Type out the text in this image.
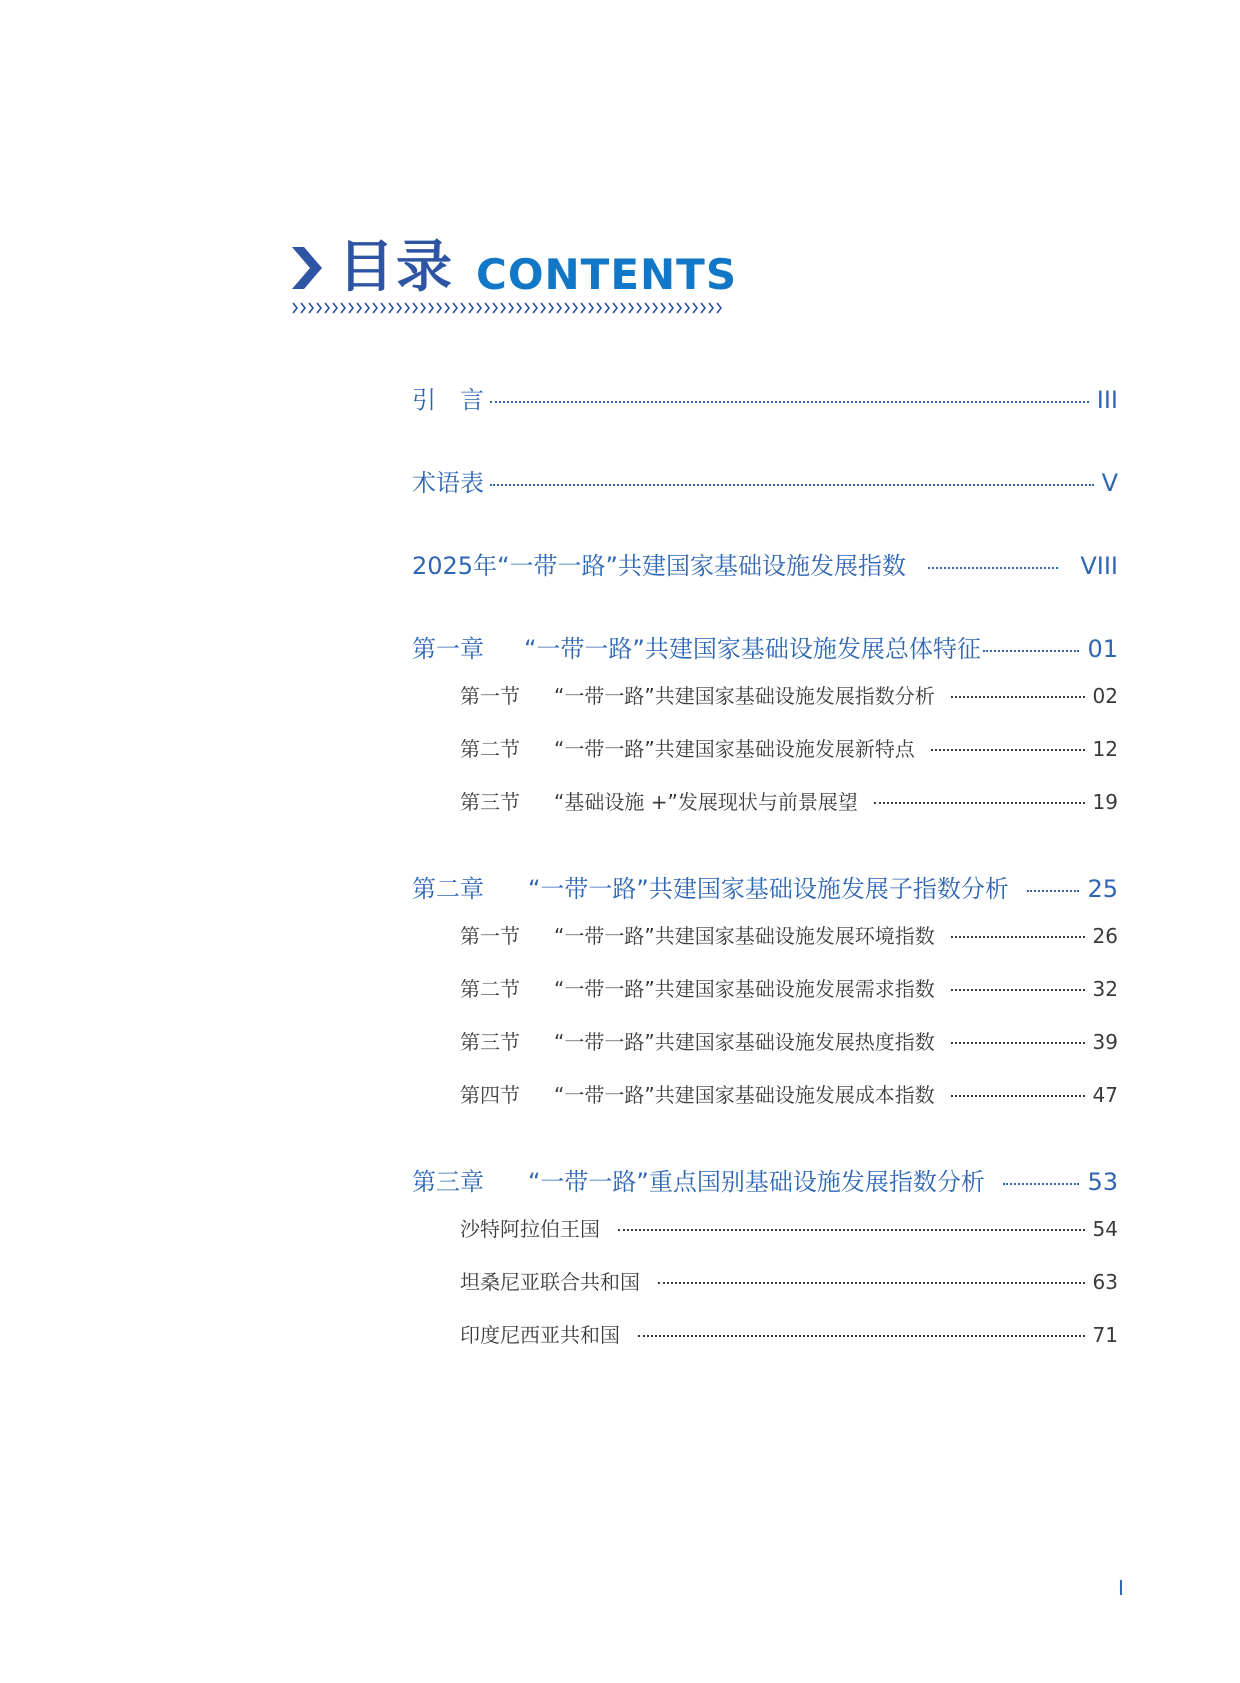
目录 CONTENTS
引　言	III
术语表	V
2025年“一带一路”共建国家基础设施发展指数	VIII
第一章 “一带一路”共建国家基础设施发展总体特征	01
第一节 “一带一路”共建国家基础设施发展指数分析	02
第二节 “一带一路”共建国家基础设施发展新特点	12
第三节 “基础设施 +”发展现状与前景展望	19
第二章 “一带一路”共建国家基础设施发展子指数分析	25
第一节 “一带一路”共建国家基础设施发展环境指数	26
第二节 “一带一路”共建国家基础设施发展需求指数	32
第三节 “一带一路”共建国家基础设施发展热度指数	39
第四节 “一带一路”共建国家基础设施发展成本指数	47
第三章 “一带一路”重点国别基础设施发展指数分析	53
沙特阿拉伯王国	54
坦桑尼亚联合共和国	63
印度尼西亚共和国	71
I
